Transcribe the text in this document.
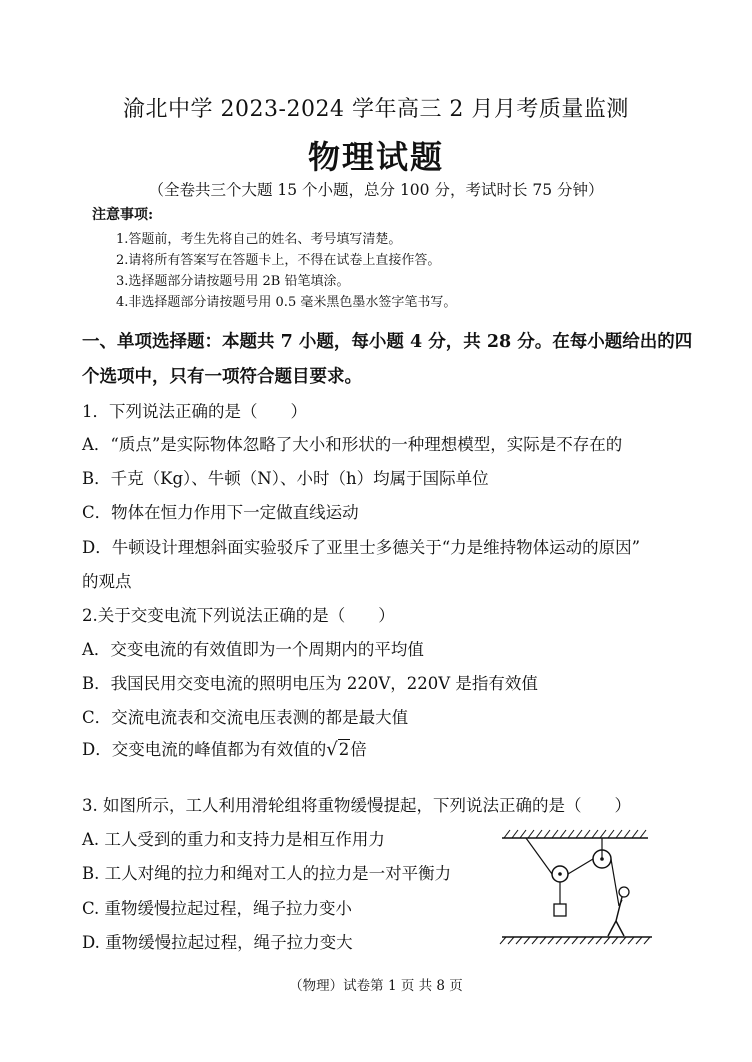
渝北中学 2023-2024 学年高三 2 月月考质量监测
物理试题
（全卷共三个大题 15 个小题，总分 100 分，考试时长 75 分钟）
注意事项:
1.答题前，考生先将自己的姓名、考号填写清楚。
2.请将所有答案写在答题卡上，不得在试卷上直接作答。
3.选择题部分请按题号用 2B 铅笔填涂。
4.非选择题部分请按题号用 0.5 毫米黑色墨水签字笔书写。
一、单项选择题：本题共 7 小题，每小题 4 分，共 28 分。在每小题给出的四
个选项中，只有一项符合题目要求。
1．下列说法正确的是（　　）
A．“质点”是实际物体忽略了大小和形状的一种理想模型，实际是不存在的
B．千克（Kg）、牛顿（N）、小时（h）均属于国际单位
C．物体在恒力作用下一定做直线运动
D．牛顿设计理想斜面实验驳斥了亚里士多德关于“力是维持物体运动的原因”
的观点
2.关于交变电流下列说法正确的是（　　）
A．交变电流的有效值即为一个周期内的平均值
B．我国民用交变电流的照明电压为 220V，220V 是指有效值
C．交流电流表和交流电压表测的都是最大值
D．交变电流的峰值都为有效值的√2倍
3. 如图所示，工人利用滑轮组将重物缓慢提起，下列说法正确的是（　　）
A. 工人受到的重力和支持力是相互作用力
B. 工人对绳的拉力和绳对工人的拉力是一对平衡力
C. 重物缓慢拉起过程，绳子拉力变小
D. 重物缓慢拉起过程，绳子拉力变大
（物理）试卷第 1 页 共 8 页
